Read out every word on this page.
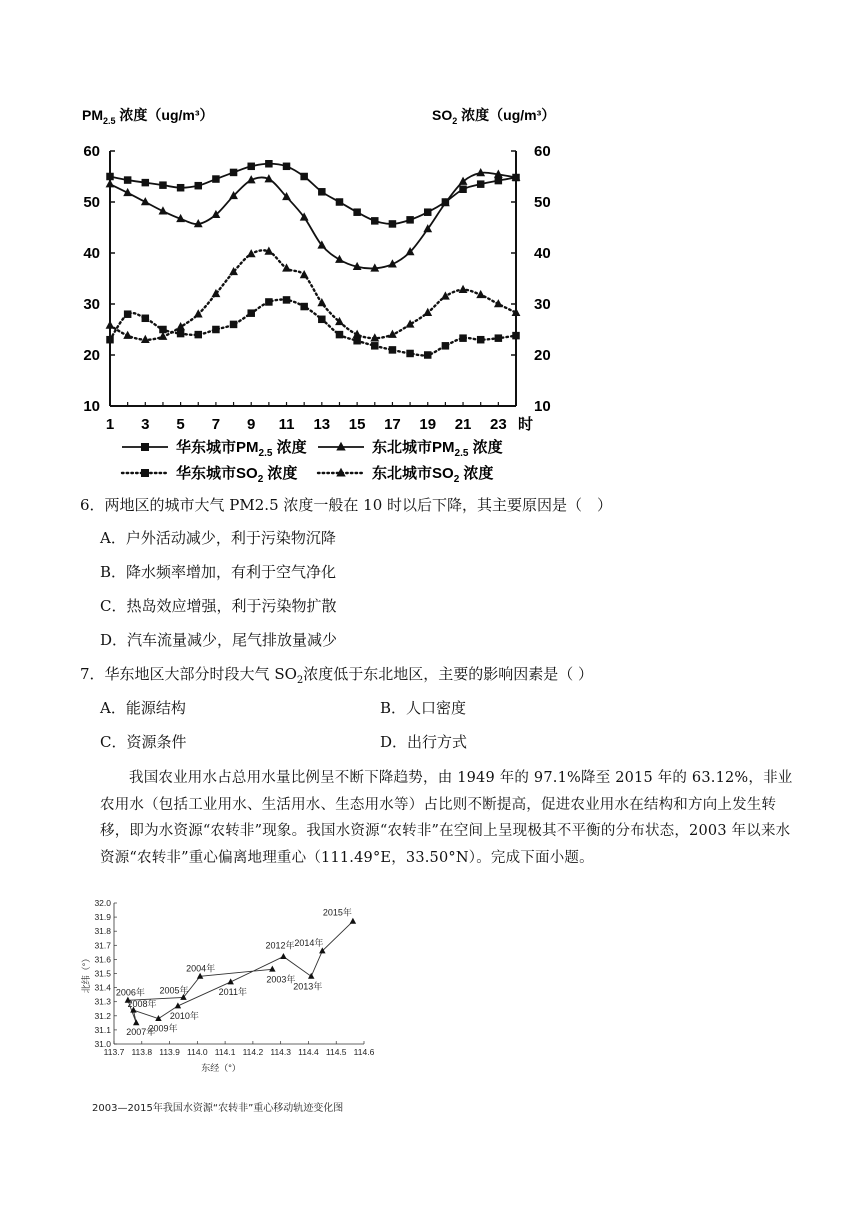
10	10
20	20
30	30
40	40
50	50
60	60
1 3 5 7 9 11 13 15 17 19 21 23 时
$PM_{2.5}$ 浓度（ug/m³）	$SO_2$ 浓度（ug/m³）
华东城市$PM_{2.5}$ 浓度	东北城市$PM_{2.5}$ 浓度
华东城市$SO_2$ 浓度	东北城市$SO_2$ 浓度
6．两地区的城市大气 PM2.5 浓度一般在 10 时以后下降，其主要原因是（　）
A．户外活动减少，利于污染物沉降
B．降水频率增加，有利于空气净化
C．热岛效应增强，利于污染物扩散
D．汽车流量减少，尾气排放量减少
7．华东地区大部分时段大气 $SO_2$浓度低于东北地区，主要的影响因素是（ ）
A．能源结构	B．人口密度
C．资源条件	D．出行方式

我国农业用水占总用水量比例呈不断下降趋势，由 1949 年的 97.1%降至 2015 年的 63.12%，非业农用水（包括工业用水、生活用水、生态用水等）占比则不断提高，促进农业用水在结构和方向上发生转移，即为水资源“农转非”现象。我国水资源“农转非”在空间上呈现极其不平衡的分布状态，2003 年以来水资源“农转非”重心偏离地理重心（111.49°E，33.50°N）。完成下面小题。

31.0
31.1
31.2
31.3
31.4
31.5
31.6
31.7
31.8
31.9
32.0
113.7 113.8 113.9 114.0 114.1 114.2 114.3 114.4 114.5 114.6
东经（°）
北纬（°）	2003年
2004年
2005年
2006年
2007年
2008年
2009年
2010年
2011年
2012年
2013年
2014年
2015年
2003—2015年我国水资源“农转非”重心移动轨迹变化图
